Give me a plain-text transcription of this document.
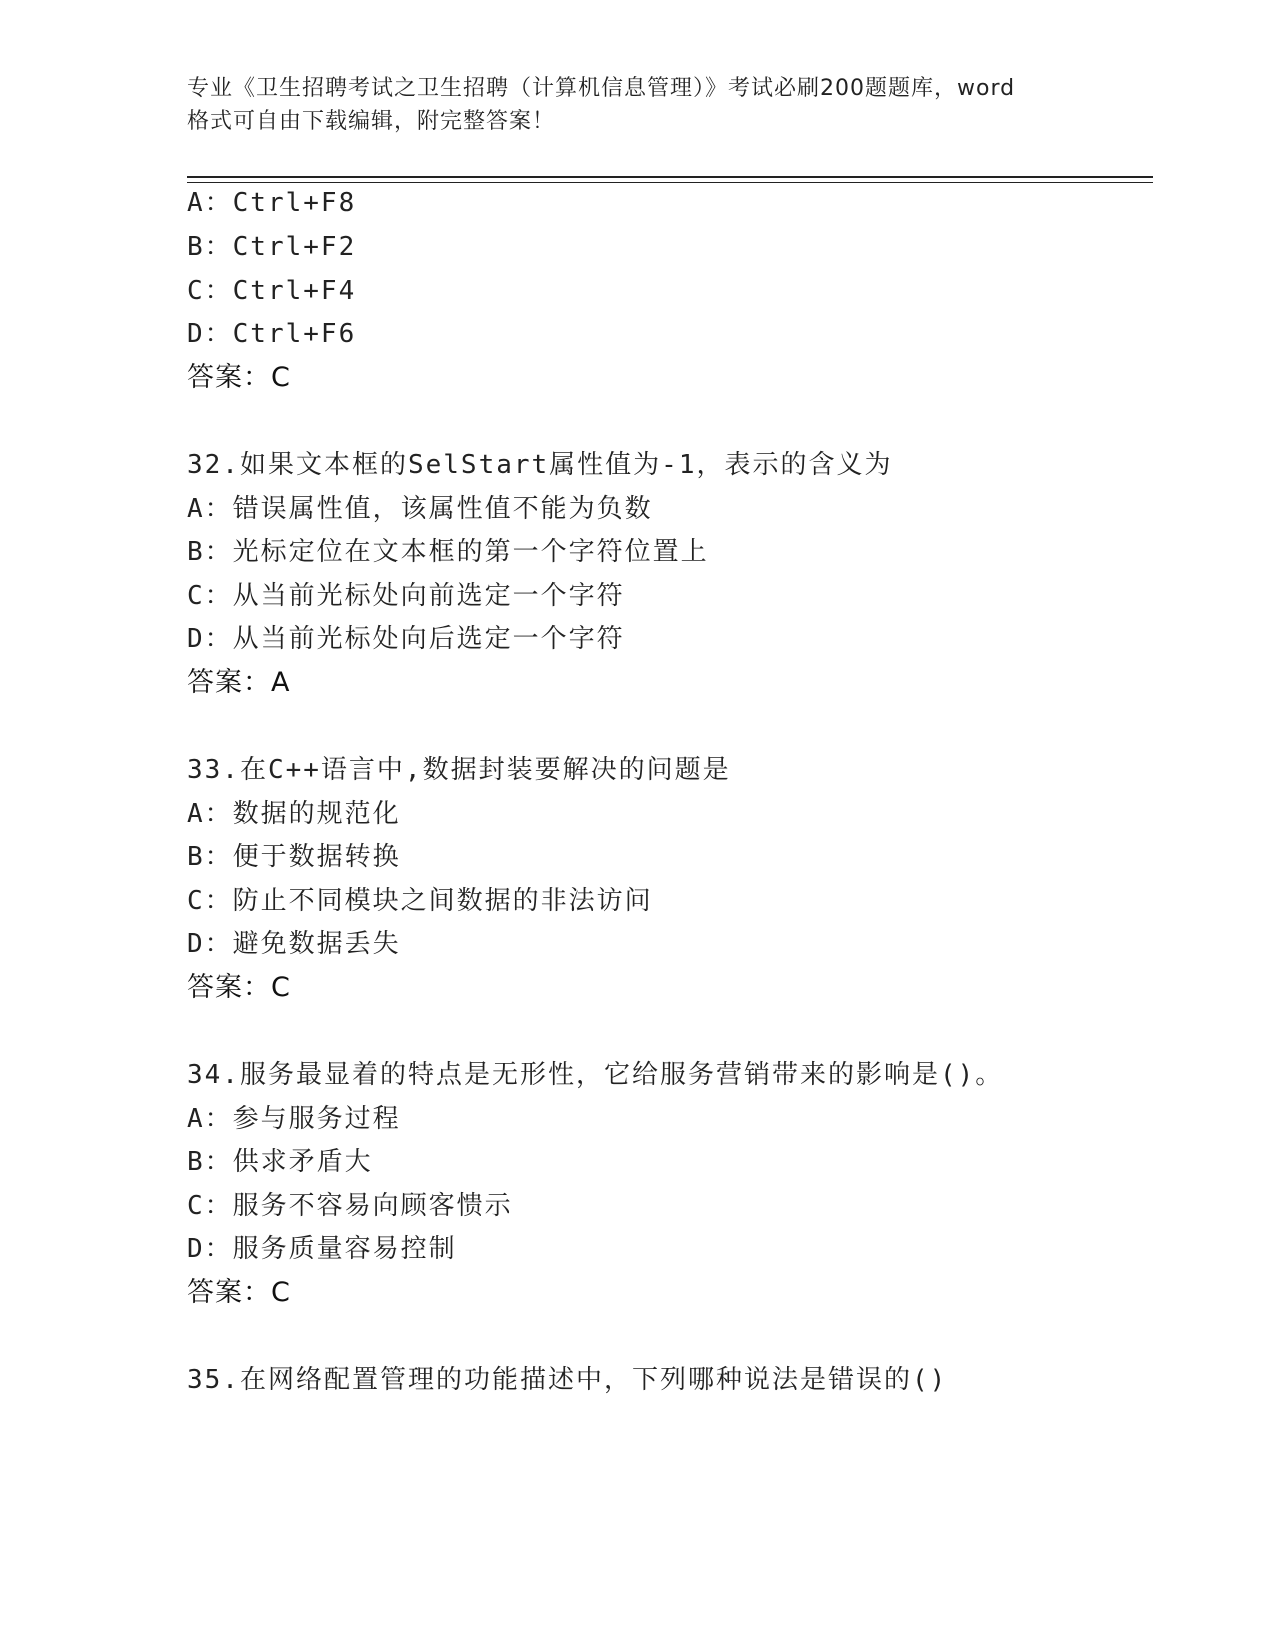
专业《卫生招聘考试之卫生招聘（计算机信息管理）》考试必刷200题题库，word
格式可自由下载编辑，附完整答案！
A：Ctrl+F8
B：Ctrl+F2
C：Ctrl+F4
D：Ctrl+F6
答案：C
32.如果文本框的SelStart属性值为-1，表示的含义为
A：错误属性值，该属性值不能为负数
B：光标定位在文本框的第一个字符位置上
C：从当前光标处向前选定一个字符
D：从当前光标处向后选定一个字符
答案：A
33.在C++语言中,数据封装要解决的问题是
A：数据的规范化
B：便于数据转换
C：防止不同模块之间数据的非法访问
D：避免数据丢失
答案：C
34.服务最显着的特点是无形性，它给服务营销带来的影响是()。
A：参与服务过程
B：供求矛盾大
C：服务不容易向顾客愦示
D：服务质量容易控制
答案：C
35.在网络配置管理的功能描述中，下列哪种说法是错误的()
